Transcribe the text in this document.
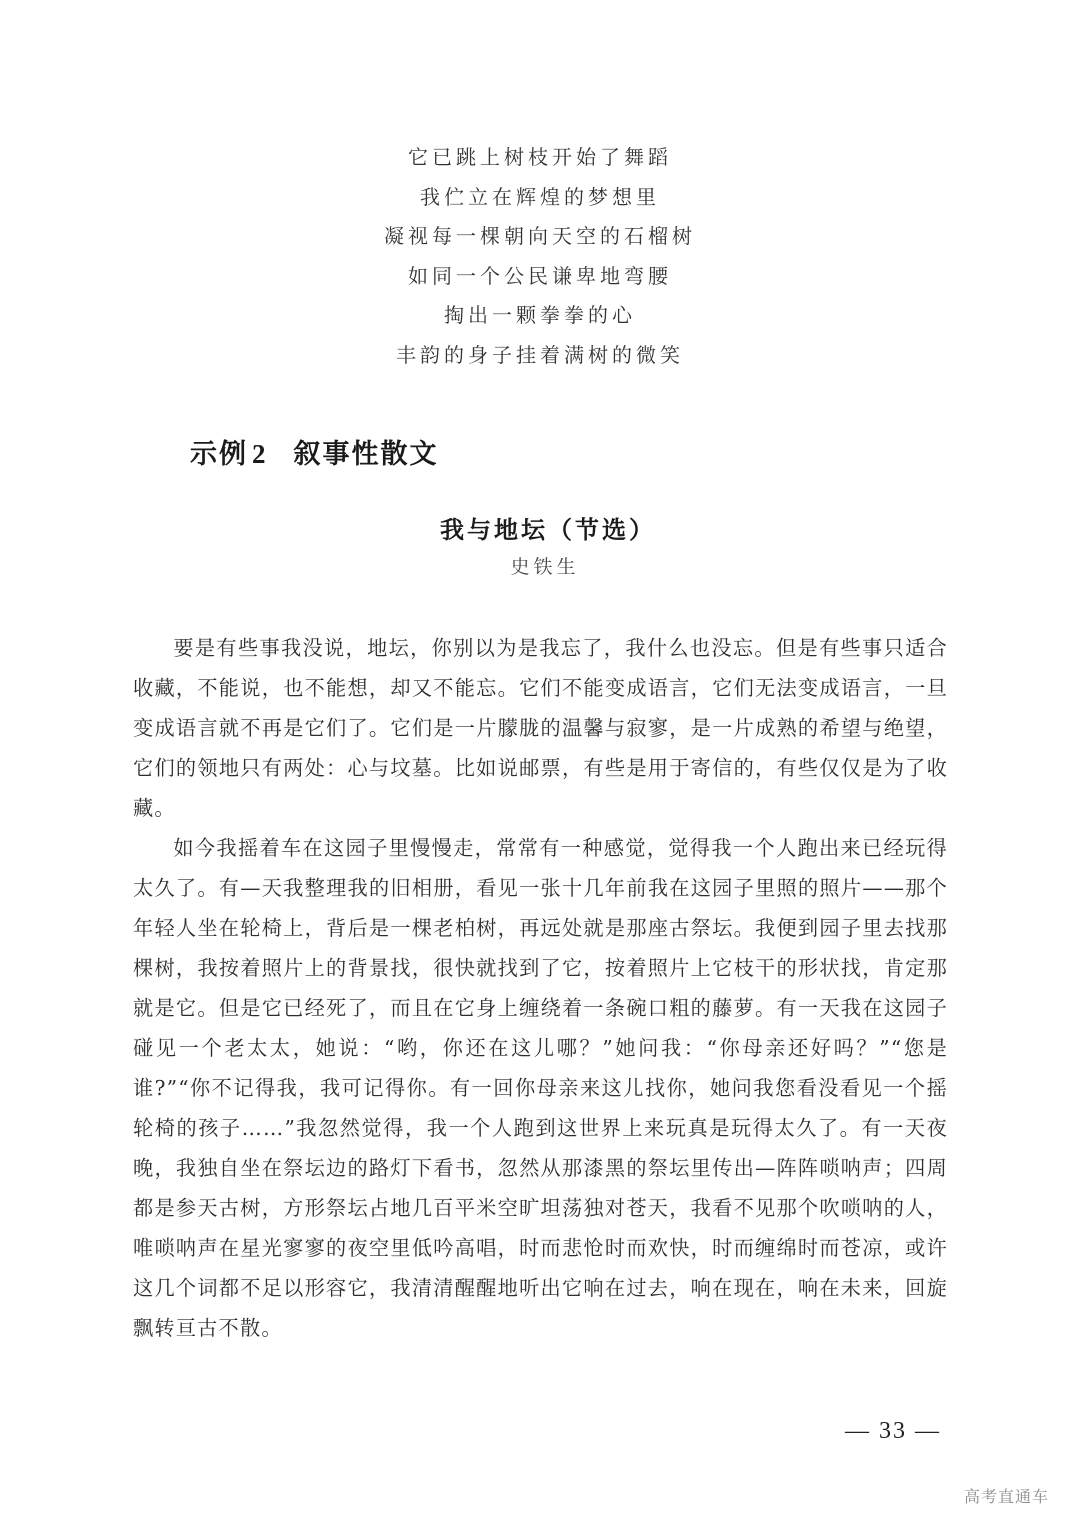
它已跳上树枝开始了舞蹈
我伫立在辉煌的梦想里
凝视每一棵朝向天空的石榴树
如同一个公民谦卑地弯腰
掏出一颗拳拳的心
丰韵的身子挂着满树的微笑
示例 2 叙事性散文
我与地坛（节选）
史铁生

要是有些事我没说，地坛，你别以为是我忘了，我什么也没忘。但是有些事只适合收藏，不能说，也不能想，却又不能忘。它们不能变成语言，它们无法变成语言，一旦变成语言就不再是它们了。它们是一片朦胧的温馨与寂寥，是一片成熟的希望与绝望，它们的领地只有两处：心与坟墓。比如说邮票，有些是用于寄信的，有些仅仅是为了收藏。

如今我摇着车在这园子里慢慢走，常常有一种感觉，觉得我一个人跑出来已经玩得太久了。有—天我整理我的旧相册，看见一张十几年前我在这园子里照的照片——那个年轻人坐在轮椅上，背后是一棵老柏树，再远处就是那座古祭坛。我便到园子里去找那棵树，我按着照片上的背景找，很快就找到了它，按着照片上它枝干的形状找，肯定那就是它。但是它已经死了，而且在它身上缠绕着一条碗口粗的藤萝。有一天我在这园子碰见一个老太太，她说：“哟，你还在这儿哪？”她问我：“你母亲还好吗？”“您是谁?”“你不记得我，我可记得你。有一回你母亲来这儿找你，她问我您看没看见一个摇轮椅的孩子……”我忽然觉得，我一个人跑到这世界上来玩真是玩得太久了。有一天夜晚，我独自坐在祭坛边的路灯下看书，忽然从那漆黑的祭坛里传出—阵阵唢呐声；四周都是参天古树，方形祭坛占地几百平米空旷坦荡独对苍天，我看不见那个吹唢呐的人，唯唢呐声在星光寥寥的夜空里低吟高唱，时而悲怆时而欢快，时而缠绵时而苍凉，或许这几个词都不足以形容它，我清清醒醒地听出它响在过去，响在现在，响在未来，回旋飘转亘古不散。

— 33 —
高考直通车
